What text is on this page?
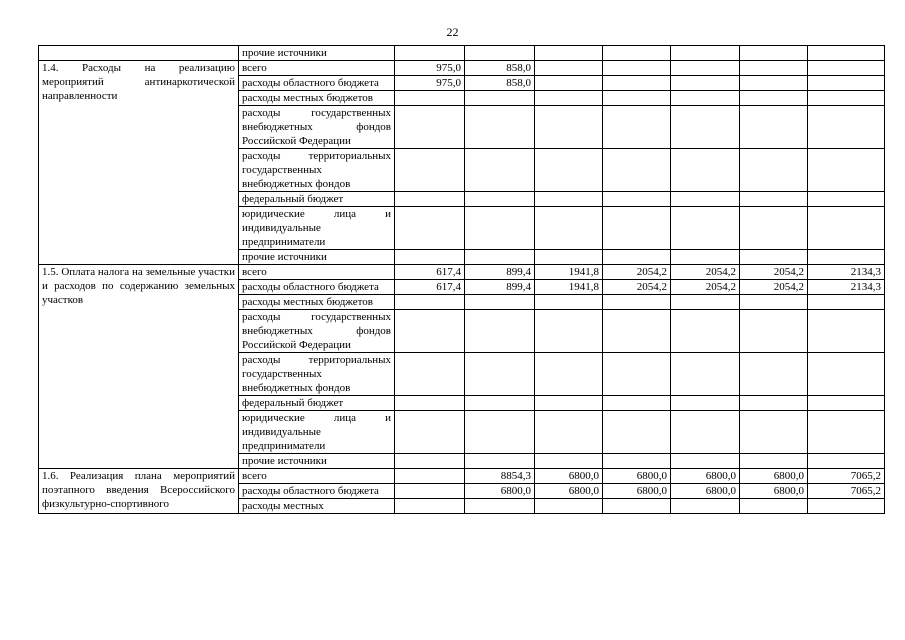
22
	прочие источники							
1.4. Расходы на реализацию мероприятий антинаркотической направленности	всего	975,0	858,0					
	расходы областного бюджета	975,0	858,0					
	расходы местных бюджетов							
	расходы государственных внебюджетных фондов Российской Федерации							
	расходы территориальных государственных внебюджетных фондов							
	федеральный бюджет							
	юридические лица и индивидуальные предприниматели							
	прочие источники							
1.5. Оплата налога на земельные участки и расходов по содержанию земельных участков	всего	617,4	899,4	1941,8	2054,2	2054,2	2054,2	2134,3
	расходы областного бюджета	617,4	899,4	1941,8	2054,2	2054,2	2054,2	2134,3
	расходы местных бюджетов							
	расходы государственных внебюджетных фондов Российской Федерации							
	расходы территориальных государственных внебюджетных фондов							
	федеральный бюджет							
	юридические лица и индивидуальные предприниматели							
	прочие источники							
1.6. Реализация плана мероприятий поэтапного введения Всероссийского физкультурно-спортивного	всего		8854,3	6800,0	6800,0	6800,0	6800,0	7065,2
	расходы областного бюджета		6800,0	6800,0	6800,0	6800,0	6800,0	7065,2
	расходы местных							
